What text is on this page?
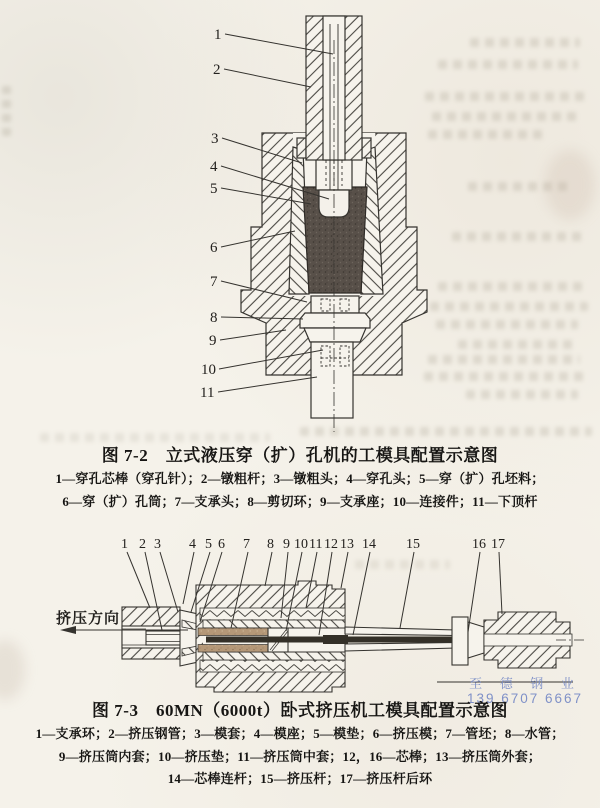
1
2
3
4
5
6
7
8
9
10
11
图 7-2　立式液压穿（扩）孔机的工模具配置示意图
1—穿孔芯棒（穿孔针）；2—镦粗杆；3—镦粗头；4—穿孔头；5—穿（扩）孔坯料；
6—穿（扩）孔筒；7—支承头；8—剪切环；9—支承座；10—连接件；11—下顶杆
挤压方向
1 2 3 4 5 6 7 8 9 10 11 12 13 14 15	16 17
至 德 钢 业
139 6707 6667
图 7-3　60MN（6000t）卧式挤压机工模具配置示意图
1—支承环；2—挤压钢管；3—模套；4—模座；5—模垫；6—挤压模；7—管坯；8—水管；
9—挤压筒内套；10—挤压垫；11—挤压筒中套；12，16—芯棒；13—挤压筒外套；
14—芯棒连杆；15—挤压杆；17—挤压杆后环
